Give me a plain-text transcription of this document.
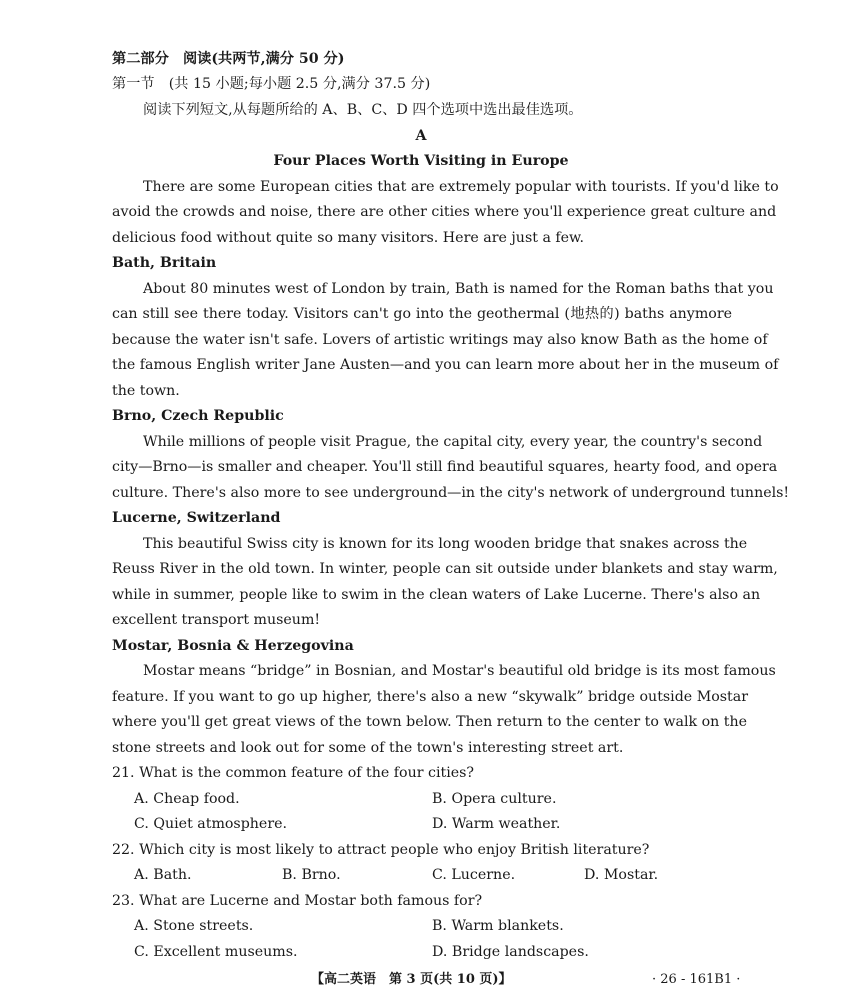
第二部分　阅读(共两节,满分 50 分)
第一节　(共 15 小题;每小题 2.5 分,满分 37.5 分)
阅读下列短文,从每题所给的 A、B、C、D 四个选项中选出最佳选项。
A
Four Places Worth Visiting in Europe
There are some European cities that are extremely popular with tourists. If you'd like to
avoid the crowds and noise, there are other cities where you'll experience great culture and
delicious food without quite so many visitors. Here are just a few.
Bath, Britain
About 80 minutes west of London by train, Bath is named for the Roman baths that you
can still see there today. Visitors can't go into the geothermal (地热的) baths anymore
because the water isn't safe. Lovers of artistic writings may also know Bath as the home of
the famous English writer Jane Austen—and you can learn more about her in the museum of
the town.
Brno, Czech Republic
While millions of people visit Prague, the capital city, every year, the country's second
city—Brno—is smaller and cheaper. You'll still find beautiful squares, hearty food, and opera
culture. There's also more to see underground—in the city's network of underground tunnels!
Lucerne, Switzerland
This beautiful Swiss city is known for its long wooden bridge that snakes across the
Reuss River in the old town. In winter, people can sit outside under blankets and stay warm,
while in summer, people like to swim in the clean waters of Lake Lucerne. There's also an
excellent transport museum!
Mostar, Bosnia & Herzegovina
Mostar means “bridge” in Bosnian, and Mostar's beautiful old bridge is its most famous
feature. If you want to go up higher, there's also a new “skywalk” bridge outside Mostar
where you'll get great views of the town below. Then return to the center to walk on the
stone streets and look out for some of the town's interesting street art.
21. What is the common feature of the four cities?
A. Cheap food.	B. Opera culture.
C. Quiet atmosphere.	D. Warm weather.
22. Which city is most likely to attract people who enjoy British literature?
A. Bath.	B. Brno.	C. Lucerne.	D. Mostar.
23. What are Lucerne and Mostar both famous for?
A. Stone streets.	B. Warm blankets.
C. Excellent museums.	D. Bridge landscapes.
【高二英语　第 3 页(共 10 页)】	· 26 - 161B1 ·
